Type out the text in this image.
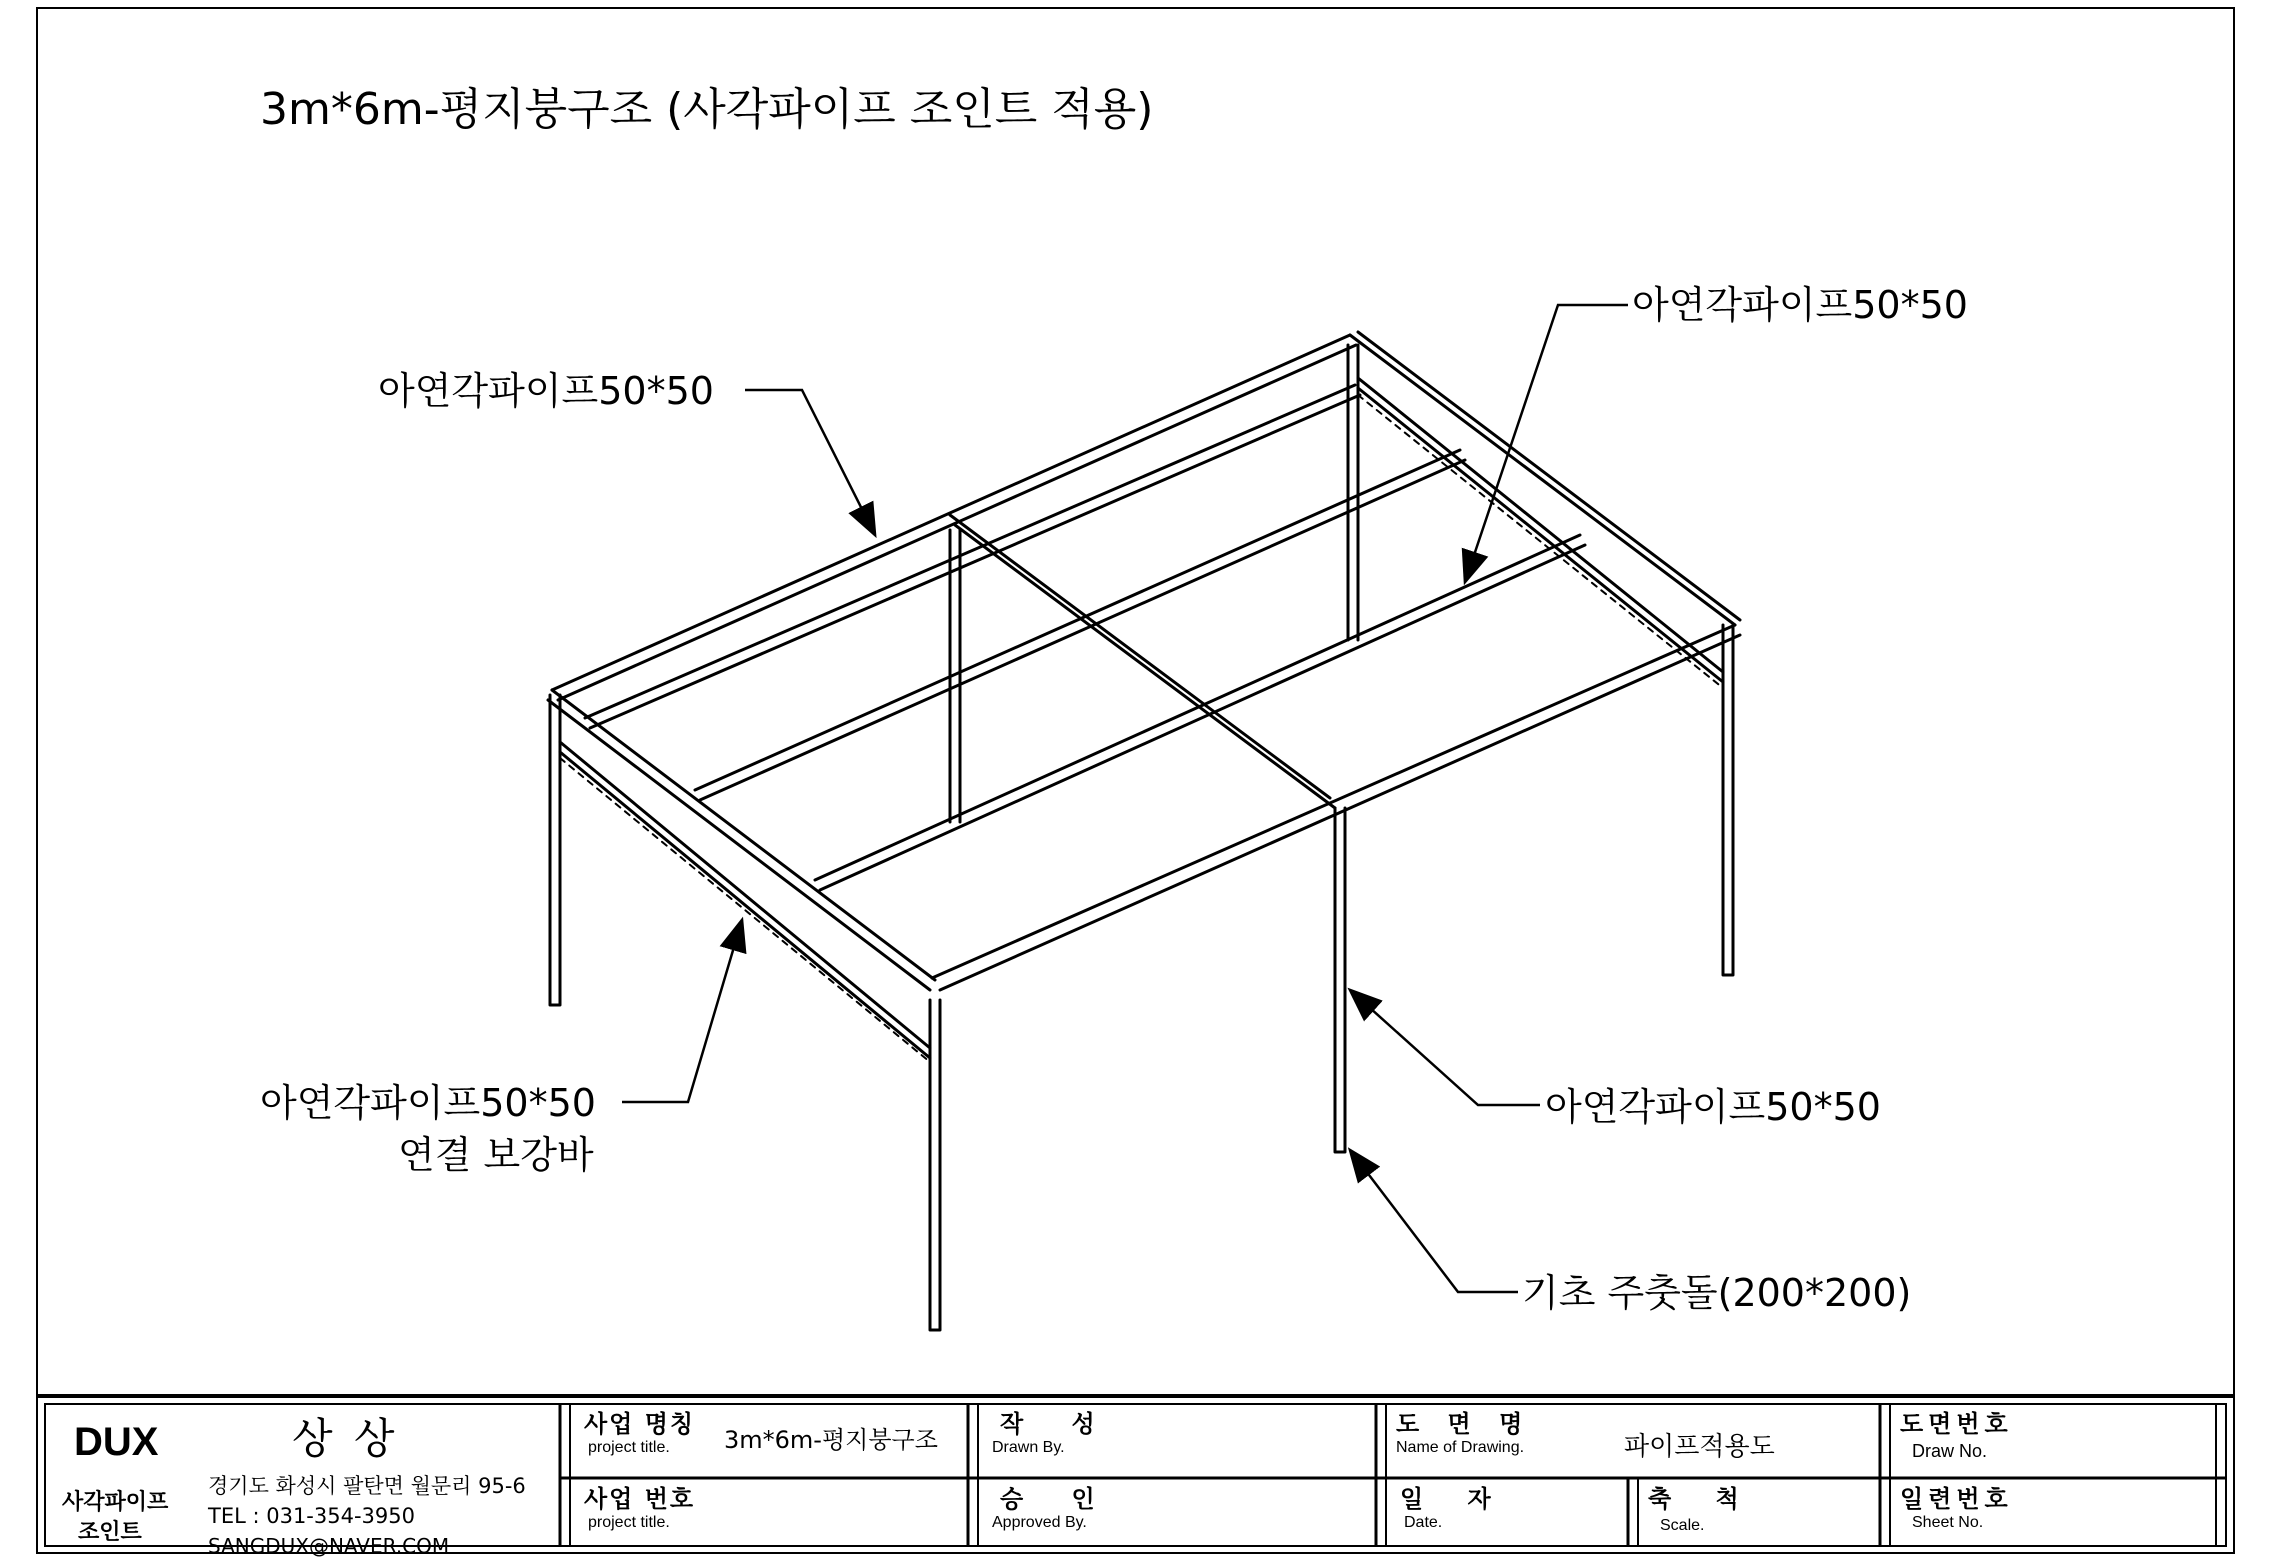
3m*6m-평지붕구조 (사각파이프 조인트 적용)
아연각파이프50*50
아연각파이프50*50
아연각파이프50*50
연결 보강바
아연각파이프50*50
기초 주춧돌(200*200)
DUX	상 상
사각파이프
조인트
경기도 화성시 팔탄면 월문리 95-6
TEL : 031-354-3950
SANGDUX@NAVER.COM
사업 명칭
project title. 3m*6m-평지붕구조
사업 번호
project title.
작 성
Drawn By.
승 인
Approved By.
도 면 명
Name of Drawing.	파이프적용도
일 자
Date.
축 척
Scale.
도면번호
Draw No.
일련번호
Sheet No.
